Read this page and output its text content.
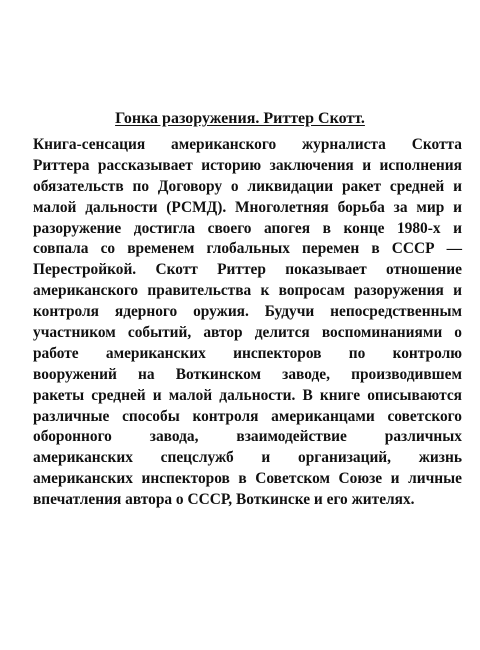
Гонка разоружения. Риттер Скотт.
Книга-сенсация американского журналиста Скотта
Риттера рассказывает историю заключения и исполнения
обязательств по Договору о ликвидации ракет средней и
малой дальности (РСМД). Многолетняя борьба за мир и
разоружение достигла своего апогея в конце 1980-х и
совпала со временем глобальных перемен в СССР —
Перестройкой. Скотт Риттер показывает отношение
американского правительства к вопросам разоружения и
контроля ядерного оружия. Будучи непосредственным
участником событий, автор делится воспоминаниями о
работе американских инспекторов по контролю
вооружений на Воткинском заводе, производившем
ракеты средней и малой дальности. В книге описываются
различные способы контроля американцами советского
оборонного завода, взаимодействие различных
американских спецслужб и организаций, жизнь
американских инспекторов в Советском Союзе и личные
впечатления автора о СССР, Воткинске и его жителях.
